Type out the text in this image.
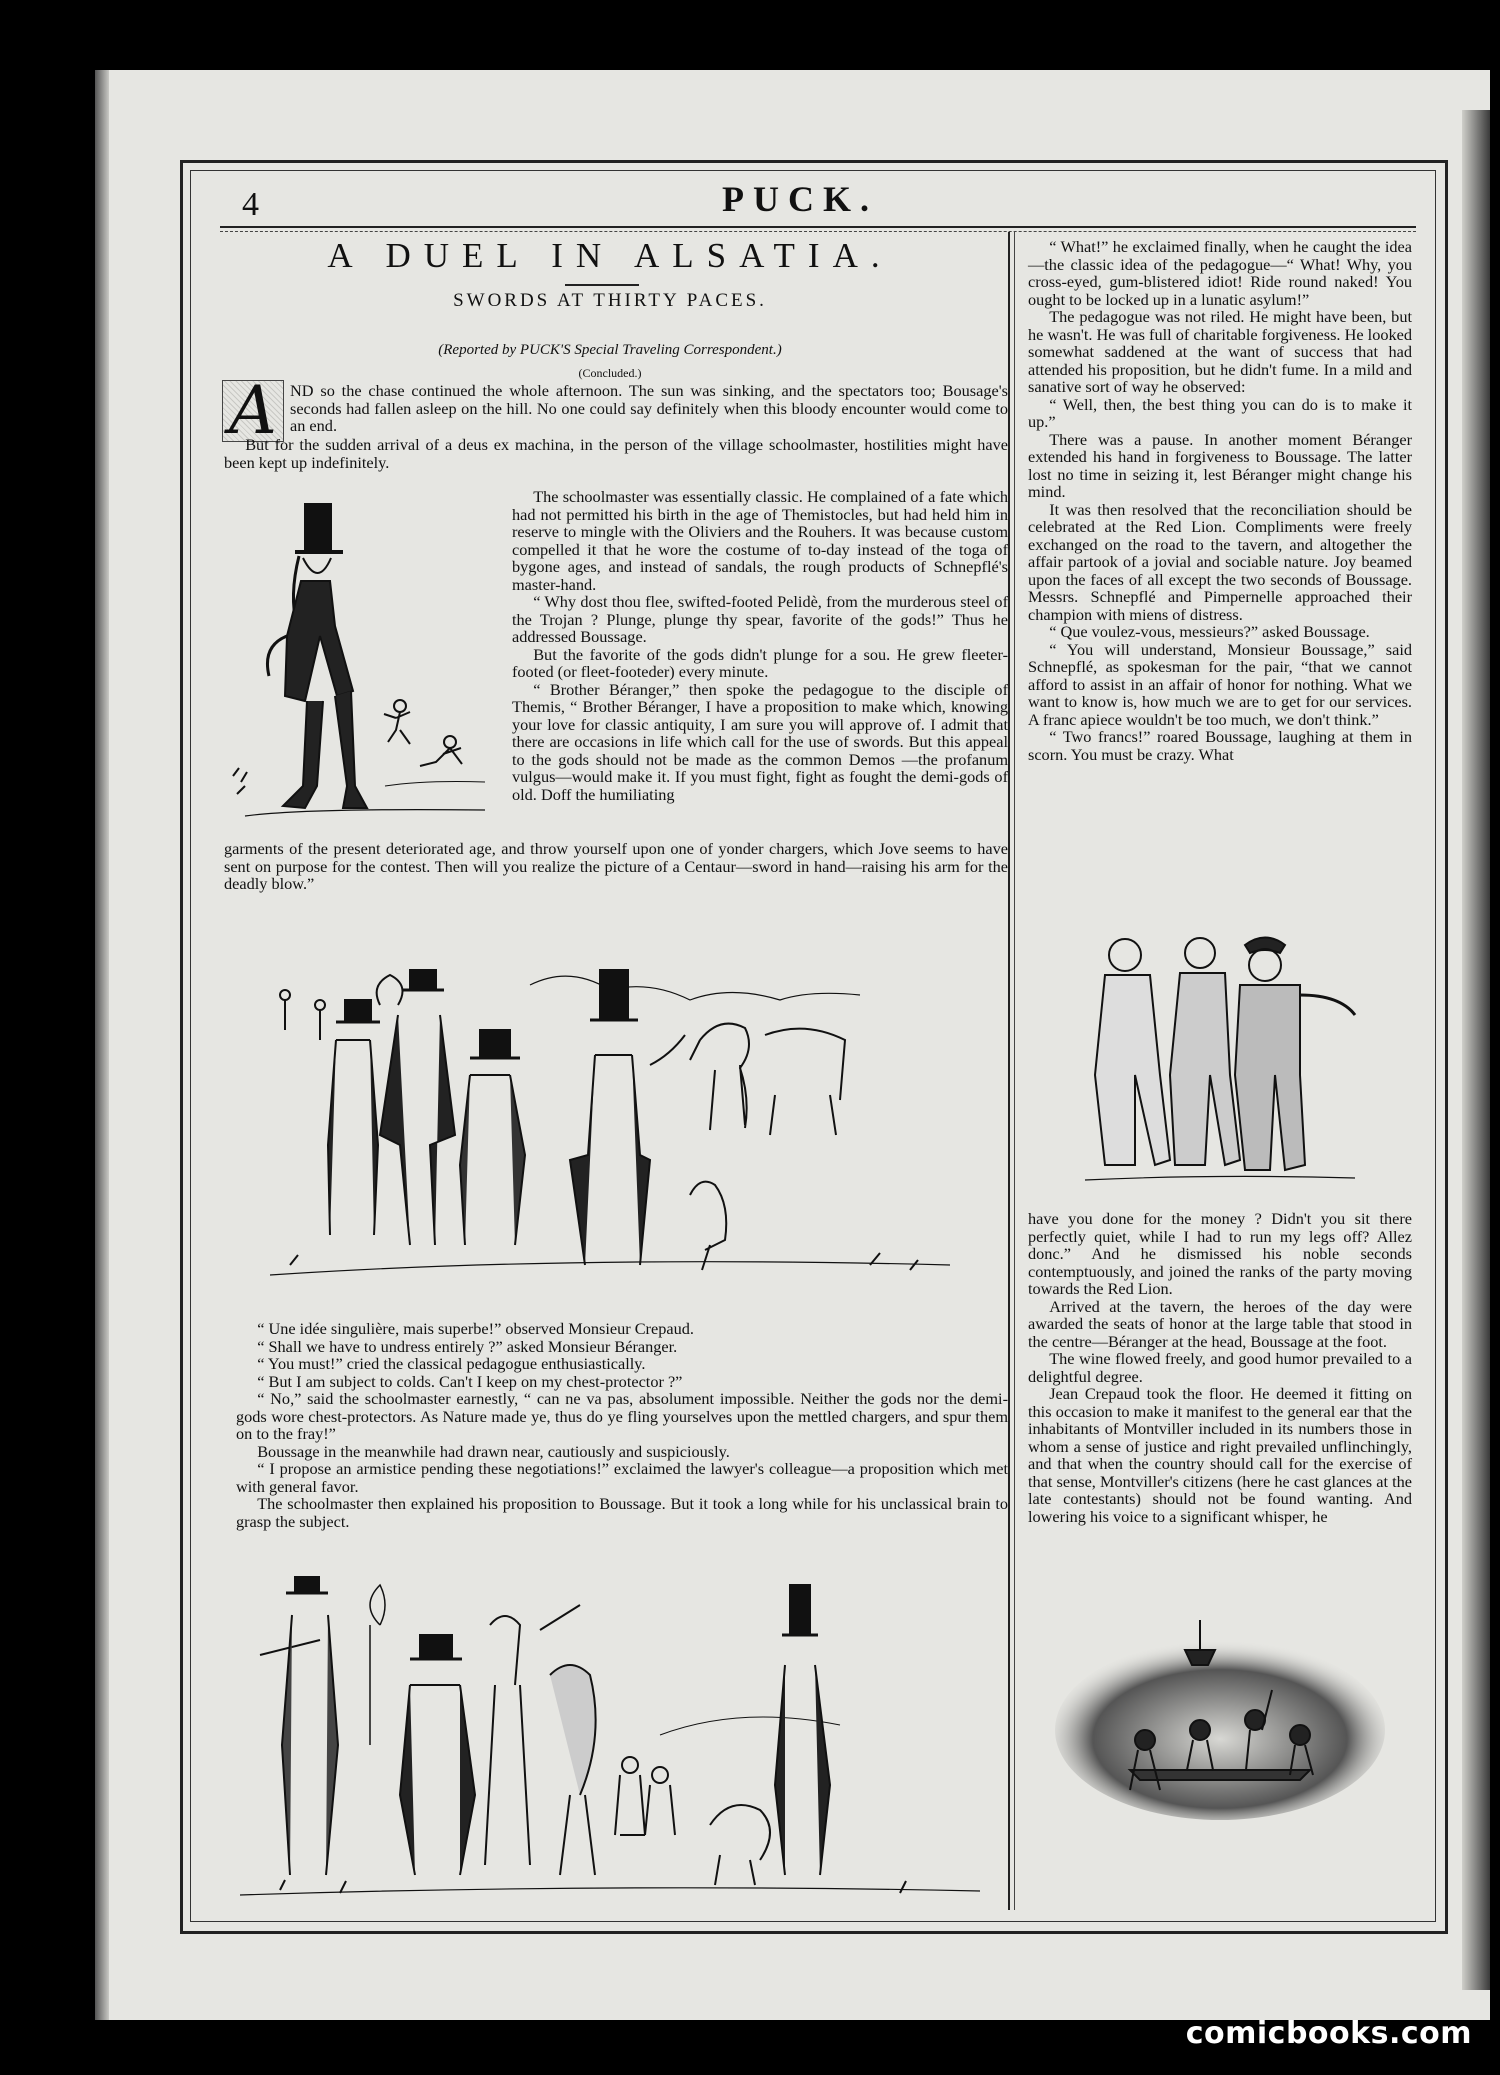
4	PUCK.
A DUEL IN ALSATIA.
SWORDS AT THIRTY PACES.
(Reported by PUCK'S Special Traveling Correspondent.)
(Concluded.)
A ND so the chase continued the whole afternoon. The sun was sinking, and the spectators too; Bousage's seconds had fallen asleep on the hill. No one could say definitely when this bloody encounter would come to an end.

But for the sudden arrival of a deus ex machina, in the person of the village schoolmaster, hostilities might have been kept up indefinitely.

The schoolmaster was essentially classic. He complained of a fate which had not permitted his birth in the age of Themistocles, but had held him in reserve to mingle with the Oliviers and the Rouhers. It was because custom compelled it that he wore the costume of to-day instead of the toga of bygone ages, and instead of sandals, the rough products of Schnepflé's master-hand.

“ Why dost thou flee, swifted-footed Pelidè, from the murderous steel of the Trojan ? Plunge, plunge thy spear, favorite of the gods!” Thus he addressed Boussage.

But the favorite of the gods didn't plunge for a sou. He grew fleeter-footed (or fleet-footeder) every minute.

“ Brother Béranger,” then spoke the pedagogue to the disciple of Themis, “ Brother Béranger, I have a proposition to make which, knowing your love for classic antiquity, I am sure you will approve of. I admit that there are occasions in life which call for the use of swords. But this appeal to the gods should not be made as the common Demos —the profanum vulgus—would make it. If you must fight, fight as fought the demi-gods of old. Doff the humiliating

garments of the present deteriorated age, and throw yourself upon one of yonder chargers, which Jove seems to have sent on purpose for the contest. Then will you realize the picture of a Centaur—sword in hand—raising his arm for the deadly blow.”

“ Une idée singulière, mais superbe!” observed Monsieur Crepaud.

“ Shall we have to undress entirely ?” asked Monsieur Béranger.

“ You must!” cried the classical pedagogue enthusiastically.

“ But I am subject to colds. Can't I keep on my chest-protector ?”

“ No,” said the schoolmaster earnestly, “ can ne va pas, absolument impossible. Neither the gods nor the demi-gods wore chest-protectors. As Nature made ye, thus do ye fling yourselves upon the mettled chargers, and spur them on to the fray!”

Boussage in the meanwhile had drawn near, cautiously and suspiciously.

“ I propose an armistice pending these negotiations!” exclaimed the lawyer's colleague—a proposition which met with general favor.

The schoolmaster then explained his proposition to Boussage. But it took a long while for his unclassical brain to grasp the subject.

“ What!” he exclaimed finally, when he caught the idea—the classic idea of the pedagogue—“ What! Why, you cross-eyed, gum-blistered idiot! Ride round naked! You ought to be locked up in a lunatic asylum!”

The pedagogue was not riled. He might have been, but he wasn't. He was full of charitable forgiveness. He looked somewhat saddened at the want of success that had attended his proposition, but he didn't fume. In a mild and sanative sort of way he observed:

“ Well, then, the best thing you can do is to make it up.”

There was a pause. In another moment Béranger extended his hand in forgiveness to Boussage. The latter lost no time in seizing it, lest Béranger might change his mind.

It was then resolved that the reconciliation should be celebrated at the Red Lion. Compliments were freely exchanged on the road to the tavern, and altogether the affair partook of a jovial and sociable nature. Joy beamed upon the faces of all except the two seconds of Boussage. Messrs. Schnepflé and Pimpernelle approached their champion with miens of distress.

“ Que voulez-vous, messieurs?” asked Boussage.

“ You will understand, Monsieur Boussage,” said Schnepflé, as spokesman for the pair, “that we cannot afford to assist in an affair of honor for nothing. What we want to know is, how much we are to get for our services. A franc apiece wouldn't be too much, we don't think.”

“ Two francs!” roared Boussage, laughing at them in scorn. You must be crazy. What

have you done for the money ? Didn't you sit there perfectly quiet, while I had to run my legs off? Allez donc.” And he dismissed his noble seconds contemptuously, and joined the ranks of the party moving towards the Red Lion.

Arrived at the tavern, the heroes of the day were awarded the seats of honor at the large table that stood in the centre—Béranger at the head, Boussage at the foot.

The wine flowed freely, and good humor prevailed to a delightful degree.

Jean Crepaud took the floor. He deemed it fitting on this occasion to make it manifest to the general ear that the inhabitants of Montviller included in its numbers those in whom a sense of justice and right prevailed unflinchingly, and that when the country should call for the exercise of that sense, Montviller's citizens (here he cast glances at the late contestants) should not be found wanting. And lowering his voice to a significant whisper, he

comicbooks.com
